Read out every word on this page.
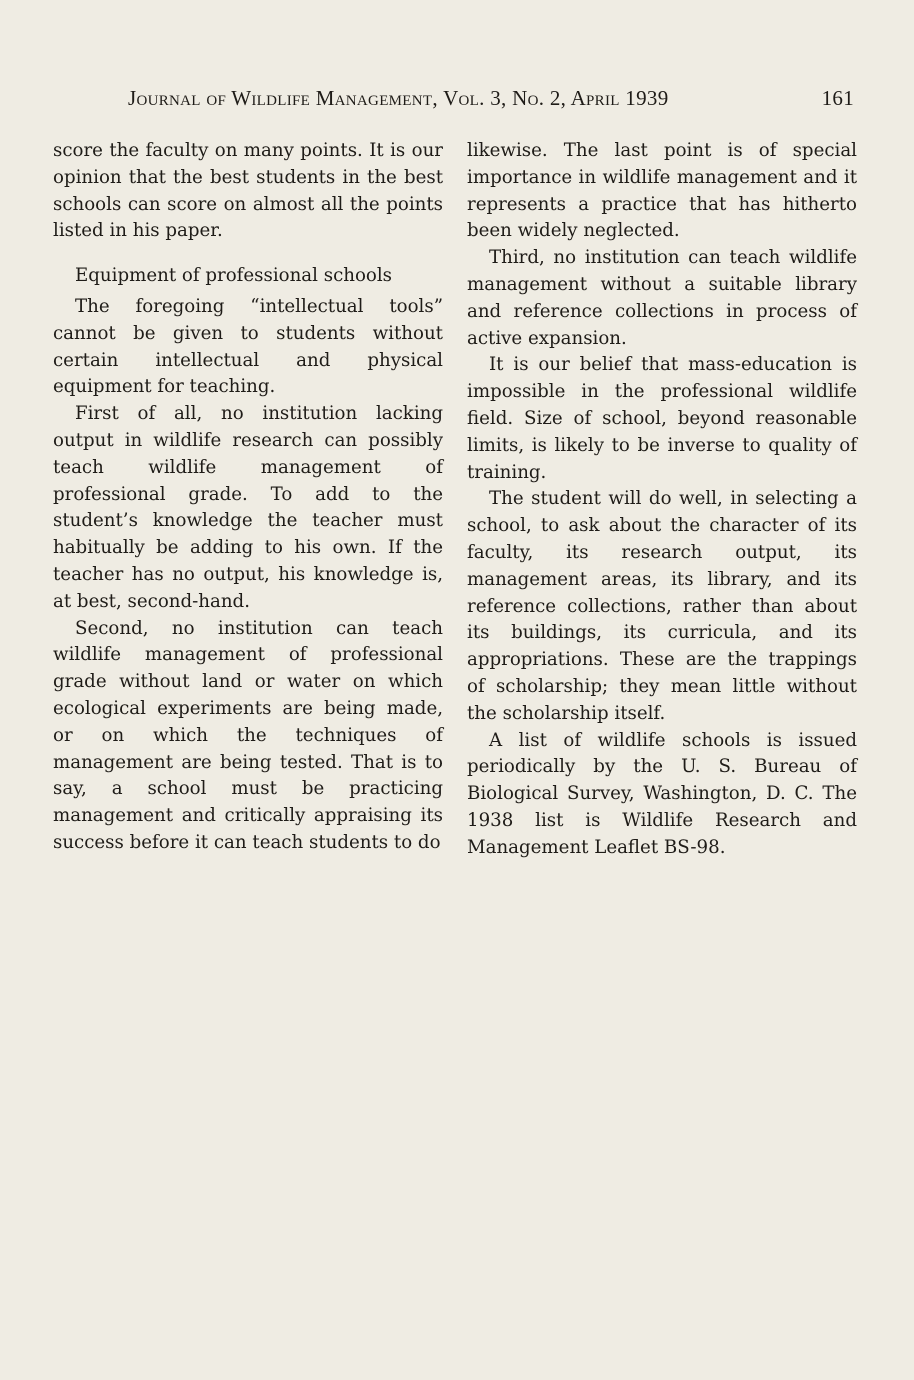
Journal of Wildlife Management, Vol. 3, No. 2, April 1939	161

score the faculty on many points. It is our opinion that the best students in the best schools can score on almost all the points listed in his paper.

Equipment of professional schools

The foregoing “intellectual tools” cannot be given to students without certain intellectual and physical equipment for teaching.

First of all, no institution lacking output in wildlife research can possibly teach wildlife management of professional grade. To add to the student’s knowledge the teacher must habitually be adding to his own. If the teacher has no output, his knowledge is, at best, second-hand.

Second, no institution can teach wildlife management of professional grade without land or water on which ecological experiments are being made, or on which the techniques of management are being tested. That is to say, a school must be practicing management and critically appraising its success before it can teach students to do

likewise. The last point is of special importance in wildlife management and it represents a practice that has hitherto been widely neglected.

Third, no institution can teach wildlife management without a suitable library and reference collections in process of active expansion.

It is our belief that mass-education is impossible in the professional wildlife field. Size of school, beyond reasonable limits, is likely to be inverse to quality of training.

The student will do well, in selecting a school, to ask about the character of its faculty, its research output, its management areas, its library, and its reference collections, rather than about its buildings, its curricula, and its appropriations. These are the trappings of scholarship; they mean little without the scholarship itself.

A list of wildlife schools is issued periodically by the U. S. Bureau of Biological Survey, Washington, D. C. The 1938 list is Wildlife Research and Management Leaflet BS-98.
